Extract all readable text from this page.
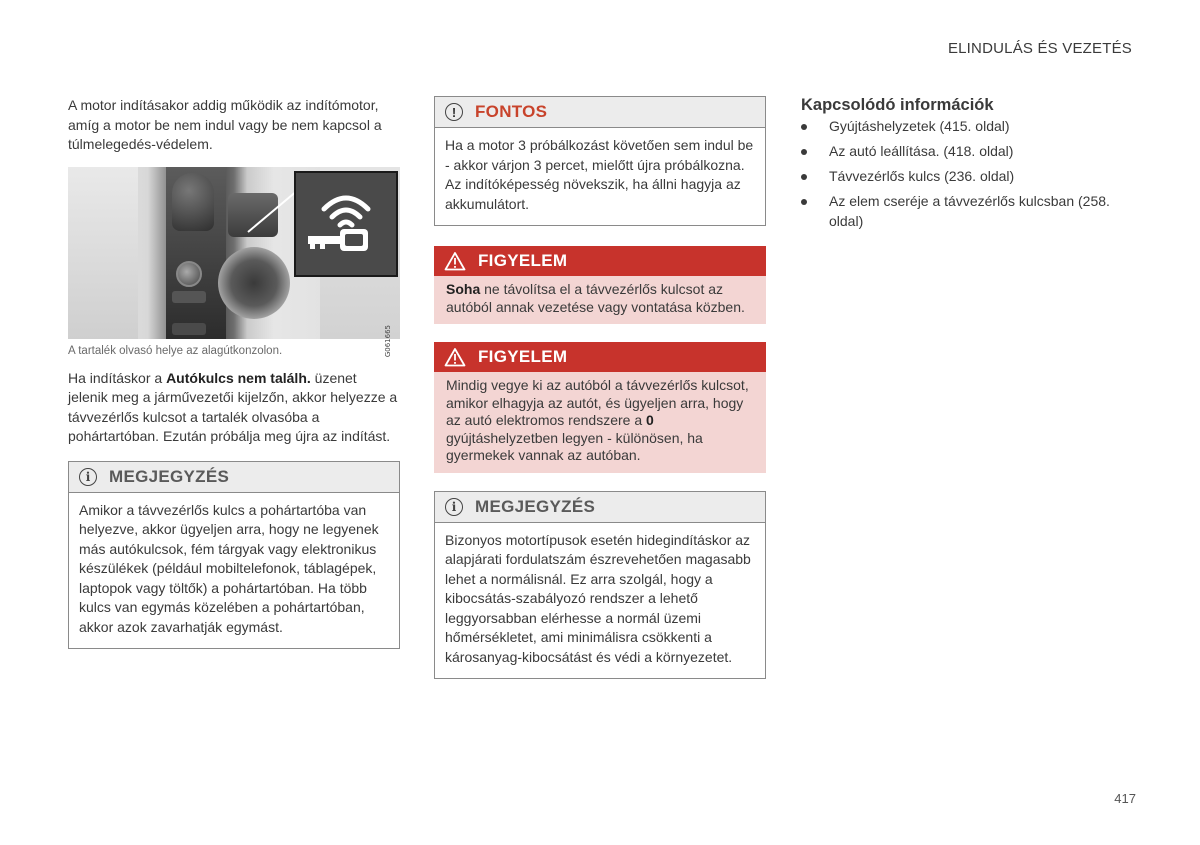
ELINDULÁS ÉS VEZETÉS

A motor indításakor addig működik az indítómotor, amíg a motor be nem indul vagy be nem kapcsol a túlmelegedés-védelem.

G061665
A tartalék olvasó helye az alagútkonzolon.

Ha indításkor a Autókulcs nem találh. üzenet jelenik meg a járművezetői kijelzőn, akkor helyezze a távvezérlős kulcsot a tartalék olvasóba a pohártartóban. Ezután próbálja meg újra az indítást.

i	MEGJEGYZÉS
Amikor a távvezérlős kulcs a pohártartóba van helyezve, akkor ügyeljen arra, hogy ne legyenek más autókulcsok, fém tárgyak vagy elektronikus készülékek (például mobiltelefonok, táblagépek, laptopok vagy töltők) a pohártartóban. Ha több kulcs van egymás közelében a pohártartóban, akkor azok zavarhatják egymást.
!	FONTOS
Ha a motor 3 próbálkozást követően sem indul be - akkor várjon 3 percet, mielőtt újra próbálkozna. Az indítóképesség növekszik, ha állni hagyja az akkumulátort.
FIGYELEM
Soha ne távolítsa el a távvezérlős kulcsot az autóból annak vezetése vagy vontatása közben.
FIGYELEM
Mindig vegye ki az autóból a távvezérlős kulcsot, amikor elhagyja az autót, és ügyeljen arra, hogy az autó elektromos rendszere a 0 gyújtáshelyzetben legyen - különösen, ha gyermekek vannak az autóban.
i	MEGJEGYZÉS
Bizonyos motortípusok esetén hidegindításkor az alapjárati fordulatszám észrevehetően magasabb lehet a normálisnál. Ez arra szolgál, hogy a kibocsátás-szabályozó rendszer a lehető leggyorsabban elérhesse a normál üzemi hőmérsékletet, ami minimálisra csökkenti a károsanyag-kibocsátást és védi a környezetet.
Kapcsolódó információk
Gyújtáshelyzetek (415. oldal)
Az autó leállítása. (418. oldal)
Távvezérlős kulcs (236. oldal)
Az elem cseréje a távvezérlős kulcsban (258. oldal)
417
